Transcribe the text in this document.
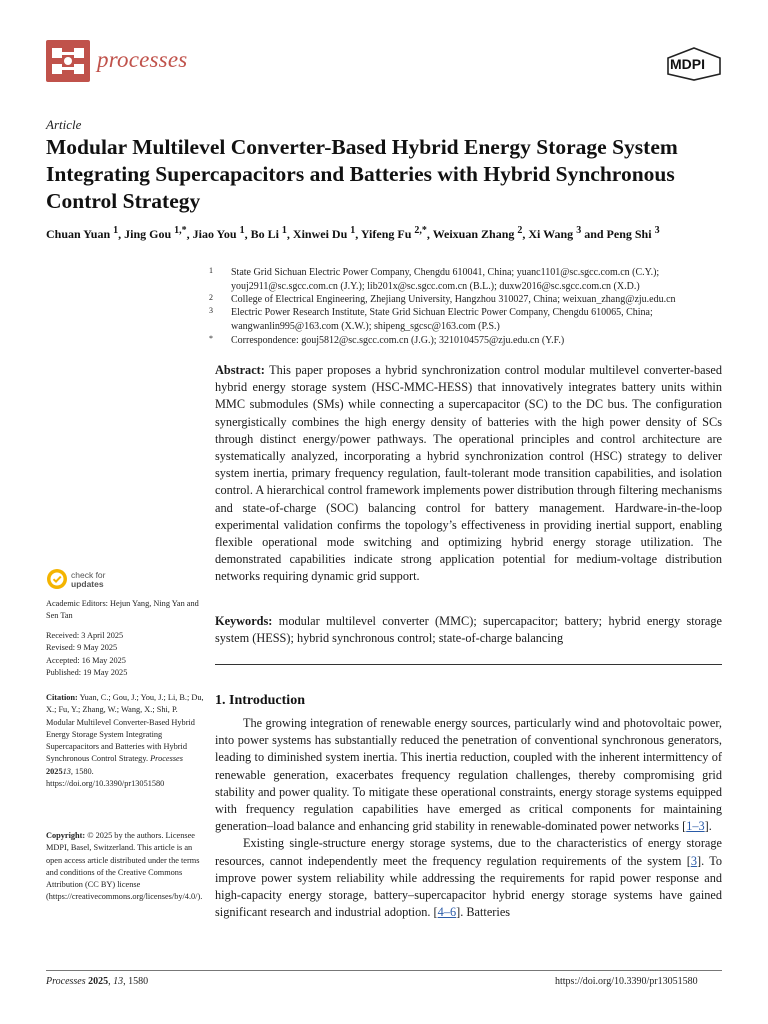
processes	MDPI
Article
Modular Multilevel Converter-Based Hybrid Energy Storage System Integrating Supercapacitors and Batteries with Hybrid Synchronous Control Strategy
Chuan Yuan $^1$, Jing Gou $^{1,*}$, Jiao You $^1$, Bo Li $^1$, Xinwei Du $^1$, Yifeng Fu $^{2,*}$, Weixuan Zhang $^2$, Xi Wang $^3$ and Peng Shi $^3$
1	State Grid Sichuan Electric Power Company, Chengdu 610041, China; yuanc1101@sc.sgcc.com.cn (C.Y.);
youj2911@sc.sgcc.com.cn (J.Y.); lib201x@sc.sgcc.com.cn (B.L.); duxw2016@sc.sgcc.com.cn (X.D.)
2	College of Electrical Engineering, Zhejiang University, Hangzhou 310027, China; weixuan_zhang@zju.edu.cn
3	Electric Power Research Institute, State Grid Sichuan Electric Power Company, Chengdu 610065, China;
wangwanlin995@163.com (X.W.); shipeng_sgcsc@163.com (P.S.)
*	Correspondence: gouj5812@sc.sgcc.com.cn (J.G.); 3210104575@zju.edu.cn (Y.F.)

Abstract: This paper proposes a hybrid synchronization control modular multilevel converter-based hybrid energy storage system (HSC-MMC-HESS) that innovatively integrates battery units within MMC submodules (SMs) while connecting a supercapacitor (SC) to the DC bus. The configuration synergistically combines the high energy density of batteries with the high power density of SCs through distinct energy/power pathways. The operational principles and control architecture are systematically analyzed, incorporating a hybrid synchronization control (HSC) strategy to deliver system inertia, primary frequency regulation, fault-tolerant mode transition capabilities, and isolation control. A hierarchical control framework implements power distribution through filtering mechanisms and state-of-charge (SOC) balancing control for battery management. Hardware-in-the-loop experimental validation confirms the topology’s effectiveness in providing inertial support, enabling flexible operational mode switching and optimizing hybrid energy storage utilization. The demonstrated capabilities indicate strong application potential for medium-voltage distribution networks requiring dynamic grid support.

Keywords: modular multilevel converter (MMC); supercapacitor; battery; hybrid energy storage system (HESS); hybrid synchronous control; state-of-charge balancing

1. Introduction

The growing integration of renewable energy sources, particularly wind and photovoltaic power, into power systems has substantially reduced the penetration of conventional synchronous generators, leading to diminished system inertia. This inertia reduction, coupled with the inherent intermittency of renewable generation, exacerbates frequency regulation challenges, thereby compromising grid stability and power quality. To mitigate these operational constraints, energy storage systems equipped with frequency regulation capabilities have emerged as critical components for maintaining generation–load balance and enhancing grid stability in renewable-dominated power networks [1–3].

Existing single-structure energy storage systems, due to the characteristics of energy storage resources, cannot independently meet the frequency regulation requirements of the system [3]. To improve power system reliability while addressing the requirements for rapid power response and high-capacity energy storage, battery–supercapacitor hybrid energy storage systems have gained significant research and industrial adoption. [4–6]. Batteries

check for
updates
Academic Editors: Hejun Yang, Ning Yan and Sen Tan
Received: 3 April 2025
Revised: 9 May 2025
Accepted: 16 May 2025
Published: 19 May 2025
Citation: Yuan, C.; Gou, J.; You, J.; Li, B.; Du, X.; Fu, Y.; Zhang, W.; Wang, X.; Shi, P. Modular Multilevel Converter-Based Hybrid Energy Storage System Integrating Supercapacitors and Batteries with Hybrid Synchronous Control Strategy. Processes 202513, 1580. https://doi.org/10.3390/pr13051580
Copyright: © 2025 by the authors. Licensee MDPI, Basel, Switzerland. This article is an open access article distributed under the terms and conditions of the Creative Commons Attribution (CC BY) license (https://creativecommons.org/licenses/by/4.0/).
Processes 2025, 13, 1580	https://doi.org/10.3390/pr13051580
